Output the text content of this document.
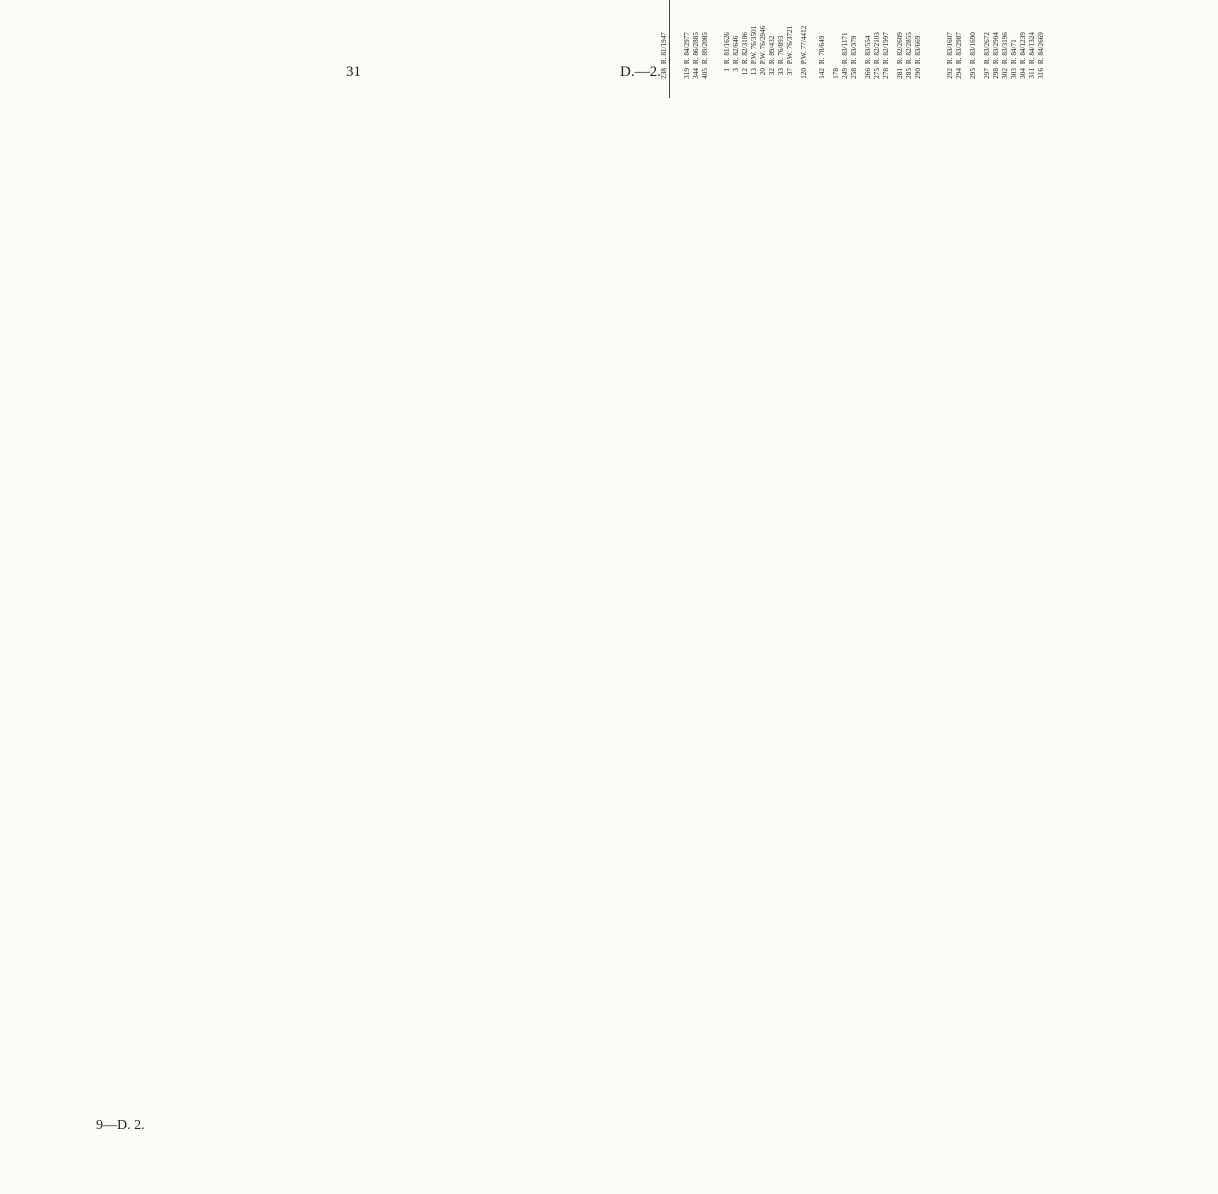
31	D.—2.
9—D. 2.
238	R. 81/1947												

319	R. 84/2977												
344	R. 86/2885												
405	R. 89/2085												

1	R. 81/1626												
3	R. 82/646												
12	R. 82/3186												
13	P.W. 76/3501												
20	P.W. 76/2946												
32	R. 89/432												
33	R. 76/893												
37	P.W. 76/3721												

120	P.W. 77/4412												

142	R. 78/649												

178													
249	R. 83/1171												
258	R. 83/379												

266	R. 83/554												
275	R. 82/2103												
278	R. 82/1997												

281	R. 82/2609												
285	R. 82/2855												
290	R. 83/669												

292	R. 83/1607												
294	R. 83/2987												

295	R. 83/1690												

297	R. 83/2672												
298	R. 83/2904												
302	R. 83/3196												
303	R. 84/71												
304	R. 84/1239												
311	R. 84/1324												
316	R. 84/2669												
